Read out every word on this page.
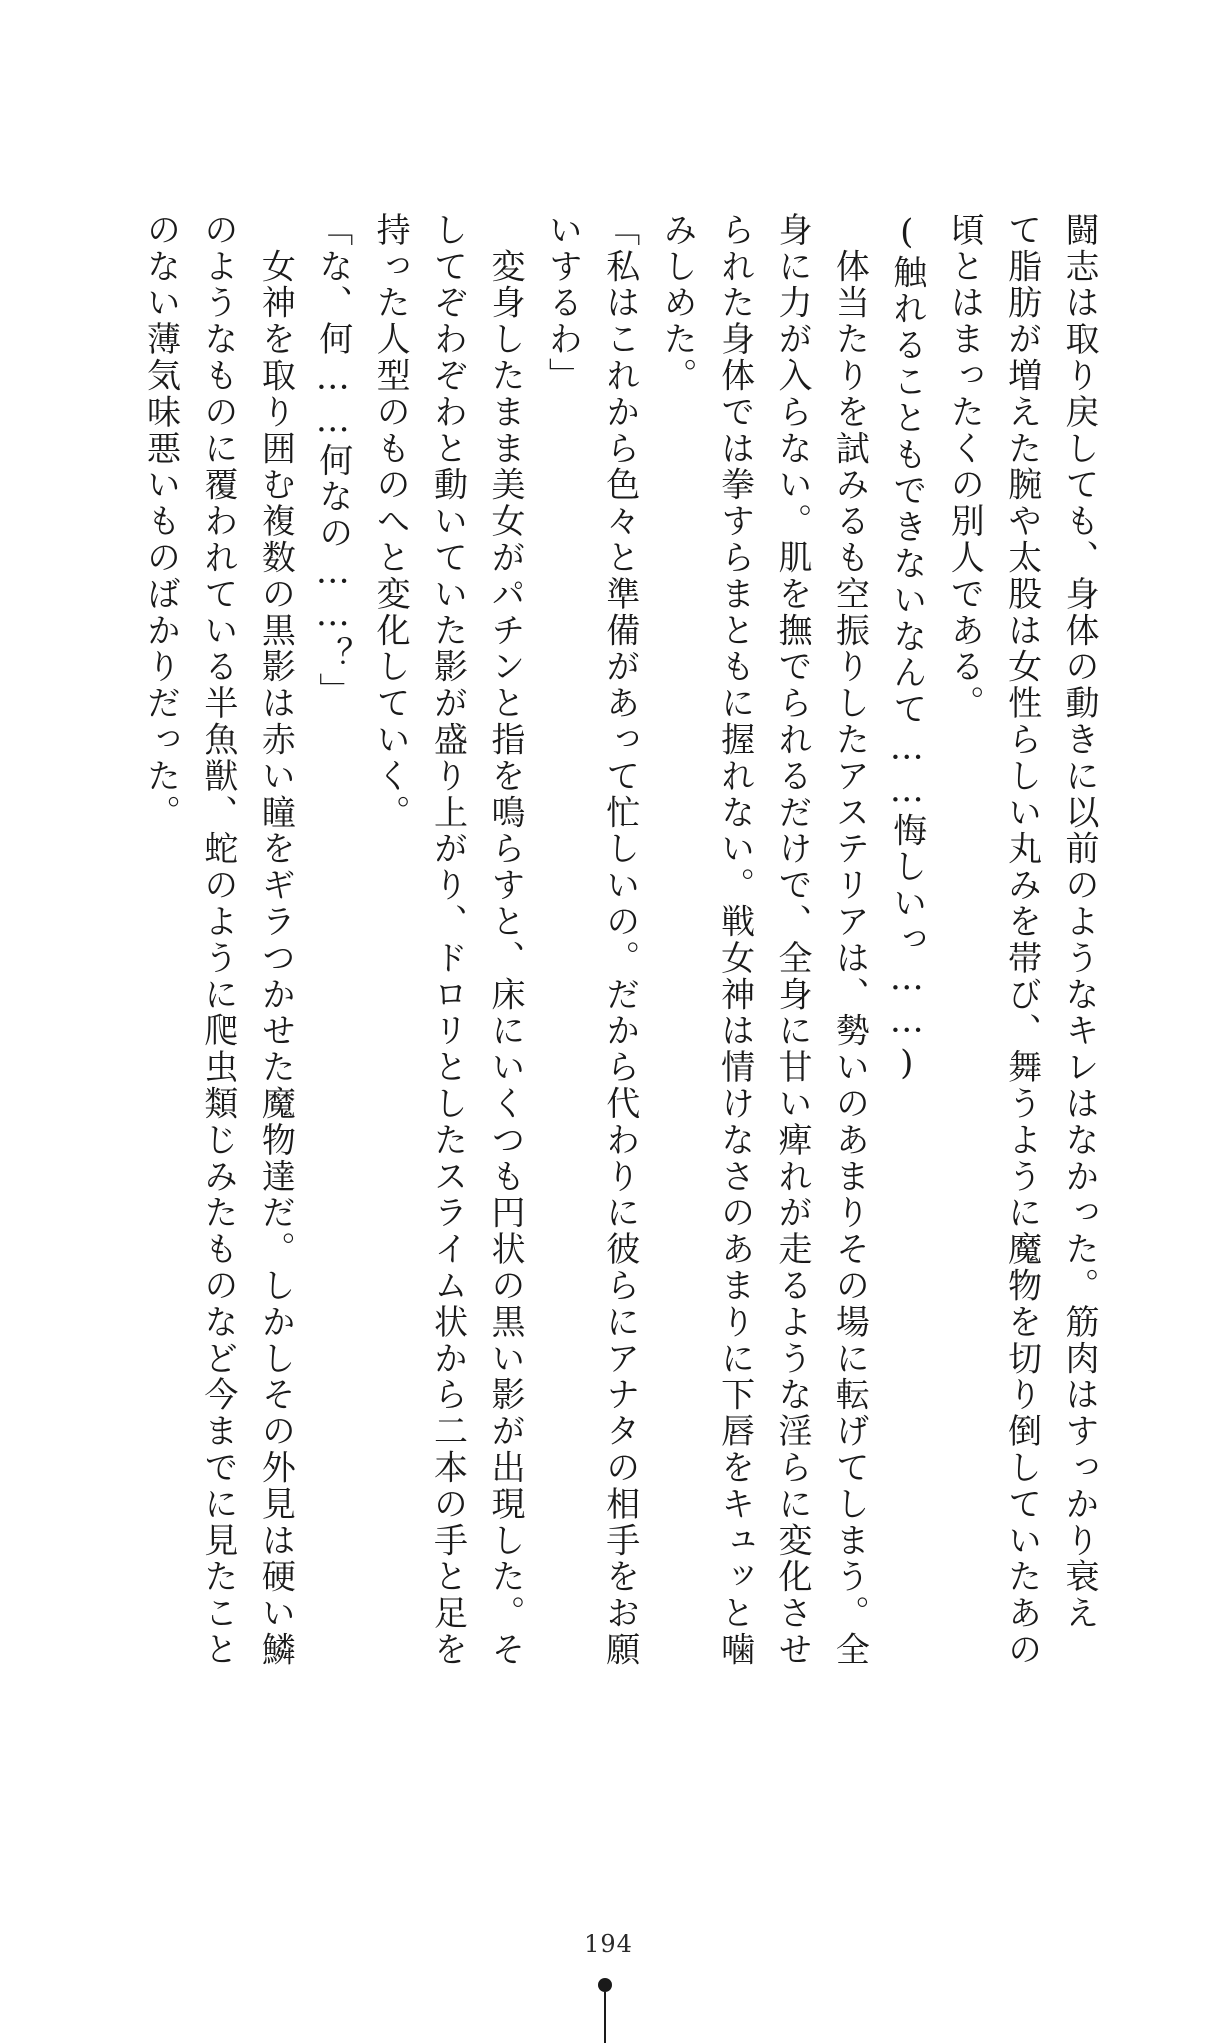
闘志は取り戻しても、身体の動きに以前のようなキレはなかった。筋肉はすっかり衰え
て脂肪が増えた腕や太股は女性らしい丸みを帯び、舞うように魔物を切り倒していたあの
頃とはまったくの別人である。
(触れることもできないなんて……悔しいっ……)
　体当たりを試みるも空振りしたアステリアは、勢いのあまりその場に転げてしまう。全
身に力が入らない。肌を撫でられるだけで、全身に甘い痺れが走るような淫らに変化させ
られた身体では拳すらまともに握れない。戦女神は情けなさのあまりに下唇をキュッと噛
みしめた。
「私はこれから色々と準備があって忙しいの。だから代わりに彼らにアナタの相手をお願
いするわ」
　変身したまま美女がパチンと指を鳴らすと、床にいくつも円状の黒い影が出現した。そ
してぞわぞわと動いていた影が盛り上がり、ドロリとしたスライム状から二本の手と足を
持った人型のものへと変化していく。
「な、何……何なの……？」
　女神を取り囲む複数の黒影は赤い瞳をギラつかせた魔物達だ。しかしその外見は硬い鱗
のようなものに覆われている半魚獣、蛇のように爬虫類じみたものなど今までに見たこと
のない薄気味悪いものばかりだった。
194
